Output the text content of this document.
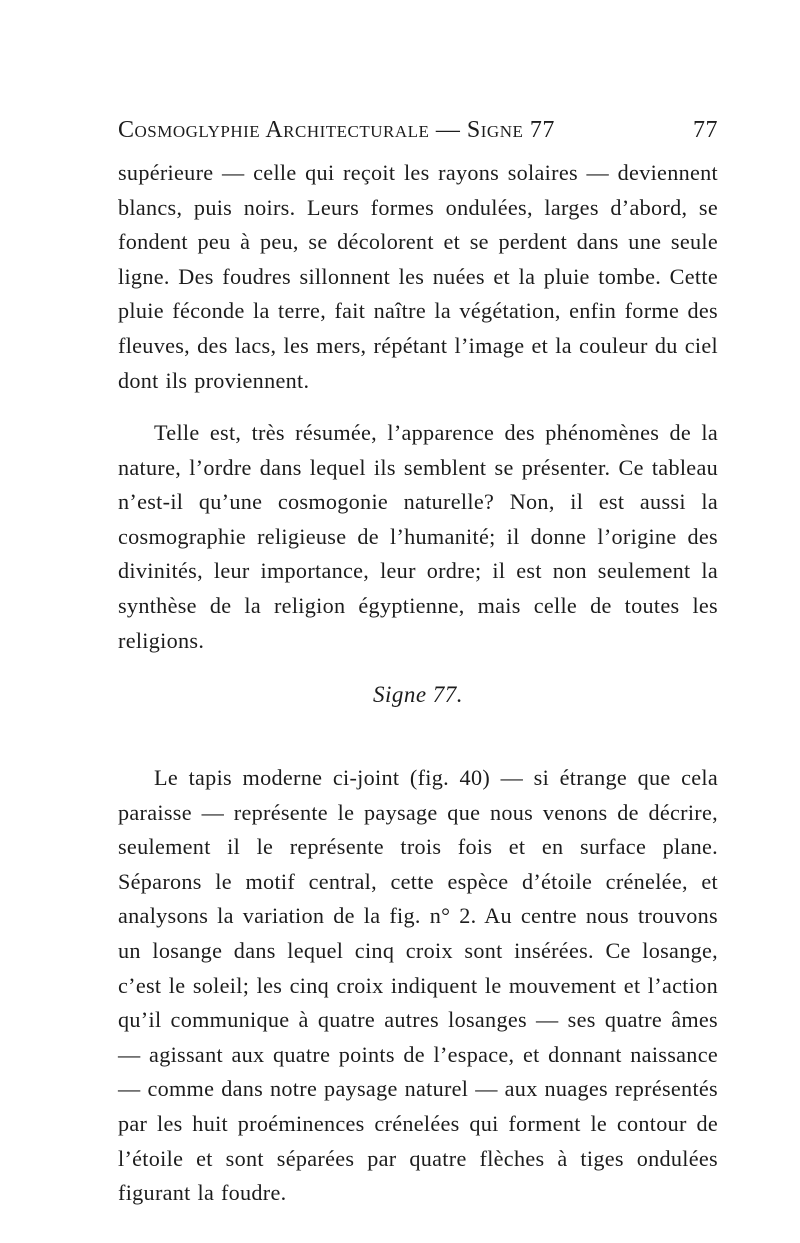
Cosmoglyphie Architecturale — Signe 77	77

supérieure — celle qui reçoit les rayons solaires — deviennent blancs, puis noirs. Leurs formes ondulées, larges d’abord, se fondent peu à peu, se décolorent et se perdent dans une seule ligne. Des foudres sillonnent les nuées et la pluie tombe. Cette pluie féconde la terre, fait naître la végétation, enfin forme des fleuves, des lacs, les mers, répétant l’image et la couleur du ciel dont ils proviennent.

Telle est, très résumée, l’apparence des phénomènes de la nature, l’ordre dans lequel ils semblent se présenter. Ce tableau n’est-il qu’une cosmogonie naturelle? Non, il est aussi la cosmographie religieuse de l’humanité; il donne l’origine des divinités, leur importance, leur ordre; il est non seulement la synthèse de la religion égyptienne, mais celle de toutes les religions.

Signe 77.

Le tapis moderne ci-joint (fig. 40) — si étrange que cela paraisse — représente le paysage que nous venons de décrire, seulement il le représente trois fois et en surface plane. Séparons le motif central, cette espèce d’étoile crénelée, et analysons la variation de la fig. n° 2. Au centre nous trouvons un losange dans lequel cinq croix sont insérées. Ce losange, c’est le soleil; les cinq croix indiquent le mouvement et l’action qu’il communique à quatre autres losanges — ses quatre âmes — agissant aux quatre points de l’espace, et donnant naissance — comme dans notre paysage naturel — aux nuages représentés par les huit proéminences crénelées qui forment le contour de l’étoile et sont séparées par quatre flèches à tiges ondulées figurant la foudre.
